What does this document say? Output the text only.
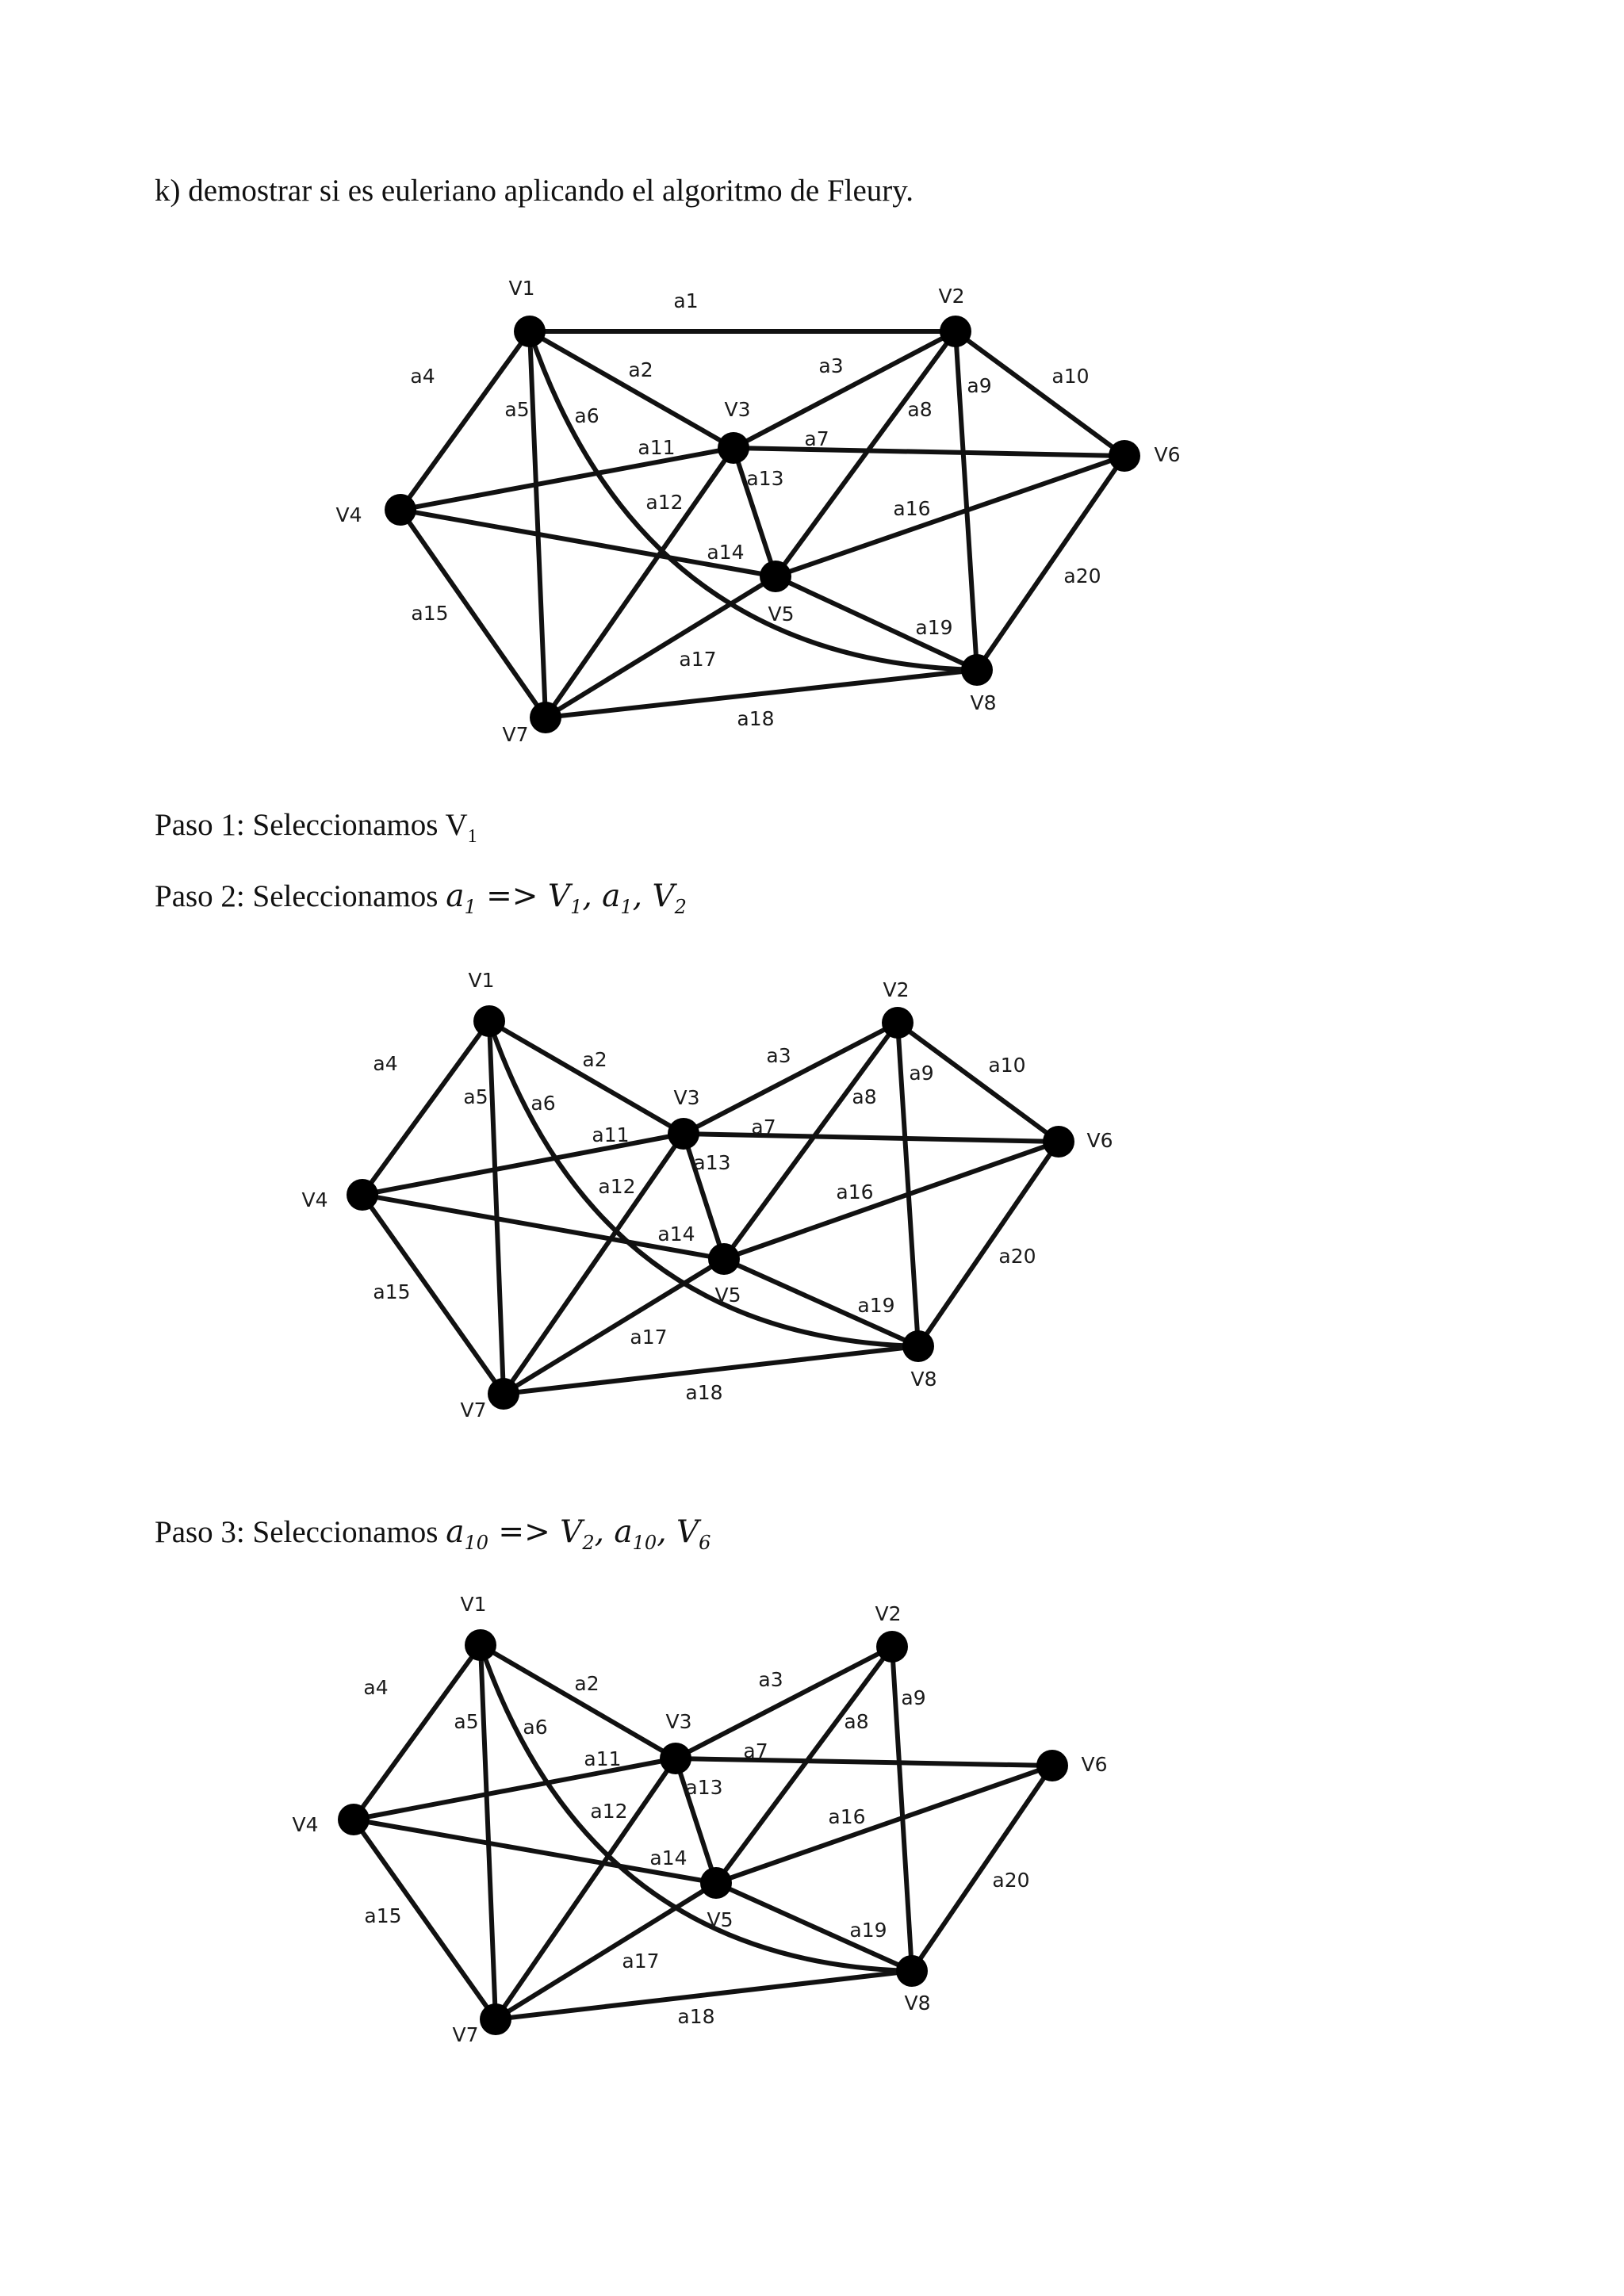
k) demostrar si es euleriano aplicando el algoritmo de Fleury.
a1
a2	a3
a4
a5 a6
a7
a8
a9	a10
a11
a12
a13
a14
a15
a16
a17
a18
a19
a20
V1	V2
V3
V4
V5
V6
V7
V8
a2	a3
a4
a5 a6
a7
a8
a9	a10
a11
a12
a13
a14
a15
a16
a17
a18
a19
a20
V1	V2
V3
V4
V5
V6
V7
V8
a2	a3
a4
a5 a6
a7
a8
a9
a11
a12
a13
a14
a15
a16
a17
a18
a19
a20
V1	V2
V3
V4
V5
V6
V7
V8
Paso 1: Seleccionamos $V_1$
Paso 2: Seleccionamos $a_1 => V_1$, $a_1$, $V_2$
Paso 3: Seleccionamos $a_{10} => V_2$, $a_{10}$, $V_6$
